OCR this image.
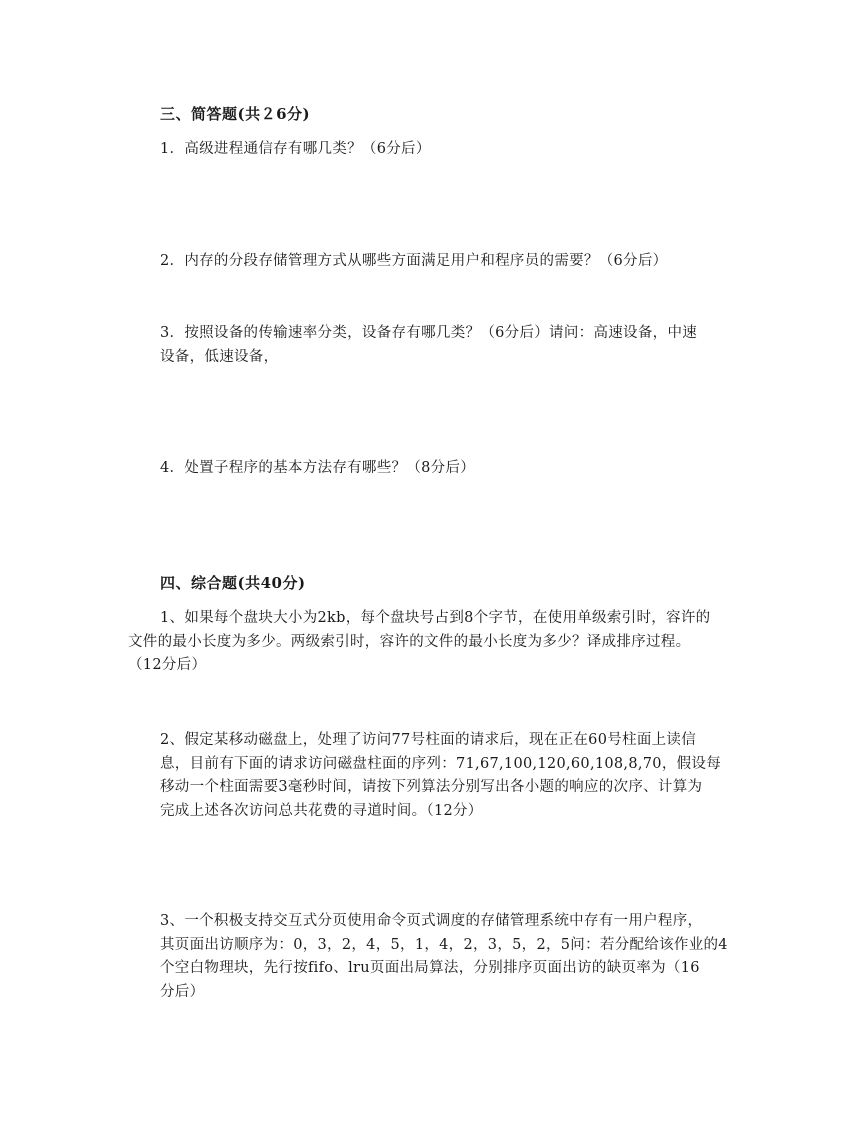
三、简答题(共２6分)
1．高级进程通信存有哪几类？（6分后）
2．内存的分段存储管理方式从哪些方面满足用户和程序员的需要？（6分后）
3．按照设备的传输速率分类，设备存有哪几类？（6分后）请问：高速设备，中速
设备，低速设备，
4．处置子程序的基本方法存有哪些？（8分后）
四、综合题(共40分)
1、如果每个盘块大小为2kb，每个盘块号占到8个字节，在使用单级索引时，容许的
文件的最小长度为多少。两级索引时，容许的文件的最小长度为多少？译成排序过程。
（12分后）
2、假定某移动磁盘上，处理了访问77号柱面的请求后，现在正在60号柱面上读信
息，目前有下面的请求访问磁盘柱面的序列：71,67,100,120,60,108,8,70，假设每
移动一个柱面需要3毫秒时间，请按下列算法分别写出各小题的响应的次序、计算为
完成上述各次访问总共花费的寻道时间。（12分）
3、一个积极支持交互式分页使用命令页式调度的存储管理系统中存有一用户程序，
其页面出访顺序为：0，3，2，4，5，1，4，2，3，5，2，5问：若分配给该作业的4
个空白物理块，先行按fifo、lru页面出局算法，分别排序页面出访的缺页率为（16
分后）
